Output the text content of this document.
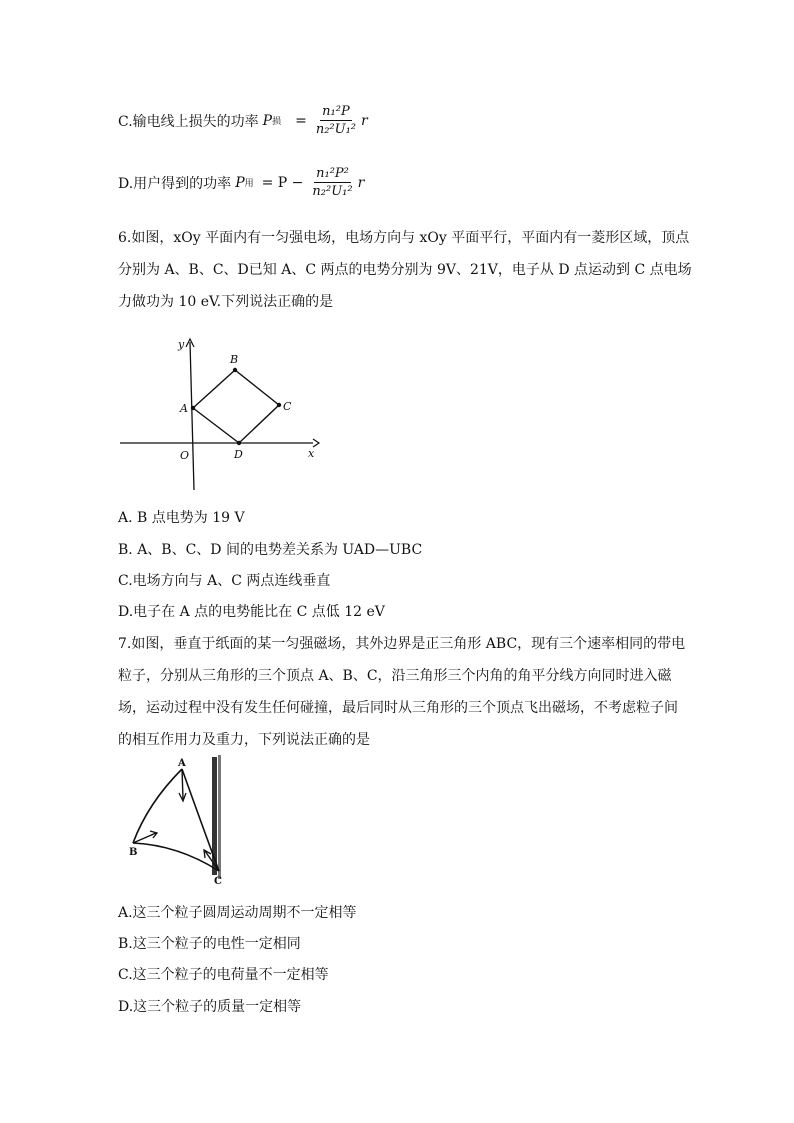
C.输电线上损失的功率 P 损 = $\frac{\text{n₁²P}}{\text{n₂²U₁²}}$ r
D.用户得到的功率 P 用 = $P - \frac{\text{n₁²P²}}{\text{n₂²U₁²}}$ r
6.如图，xOy 平面内有一匀强电场，电场方向与 xOy 平面平行，平面内有一菱形区域，顶点
分别为 A、B、C、D已知 A、C 两点的电势分别为 9V、21V，电子从 D 点运动到 C 点电场
力做功为 10 eV.下列说法正确的是
x
y
O
A
B
C
D
A. B 点电势为 19 V
B. A、B、C、D 间的电势差关系为 UAD—UBC
C.电场方向与 A、C 两点连线垂直
D.电子在 A 点的电势能比在 C 点低 12 eV
7.如图，垂直于纸面的某一匀强磁场，其外边界是正三角形 ABC，现有三个速率相同的带电
粒子，分别从三角形的三个顶点 A、B、C，沿三角形三个内角的角平分线方向同时进入磁
场，运动过程中没有发生任何碰撞，最后同时从三角形的三个顶点飞出磁场，不考虑粒子间
的相互作用力及重力，下列说法正确的是
A
B
C
A.这三个粒子圆周运动周期不一定相等
B.这三个粒子的电性一定相同
C.这三个粒子的电荷量不一定相等
D.这三个粒子的质量一定相等
